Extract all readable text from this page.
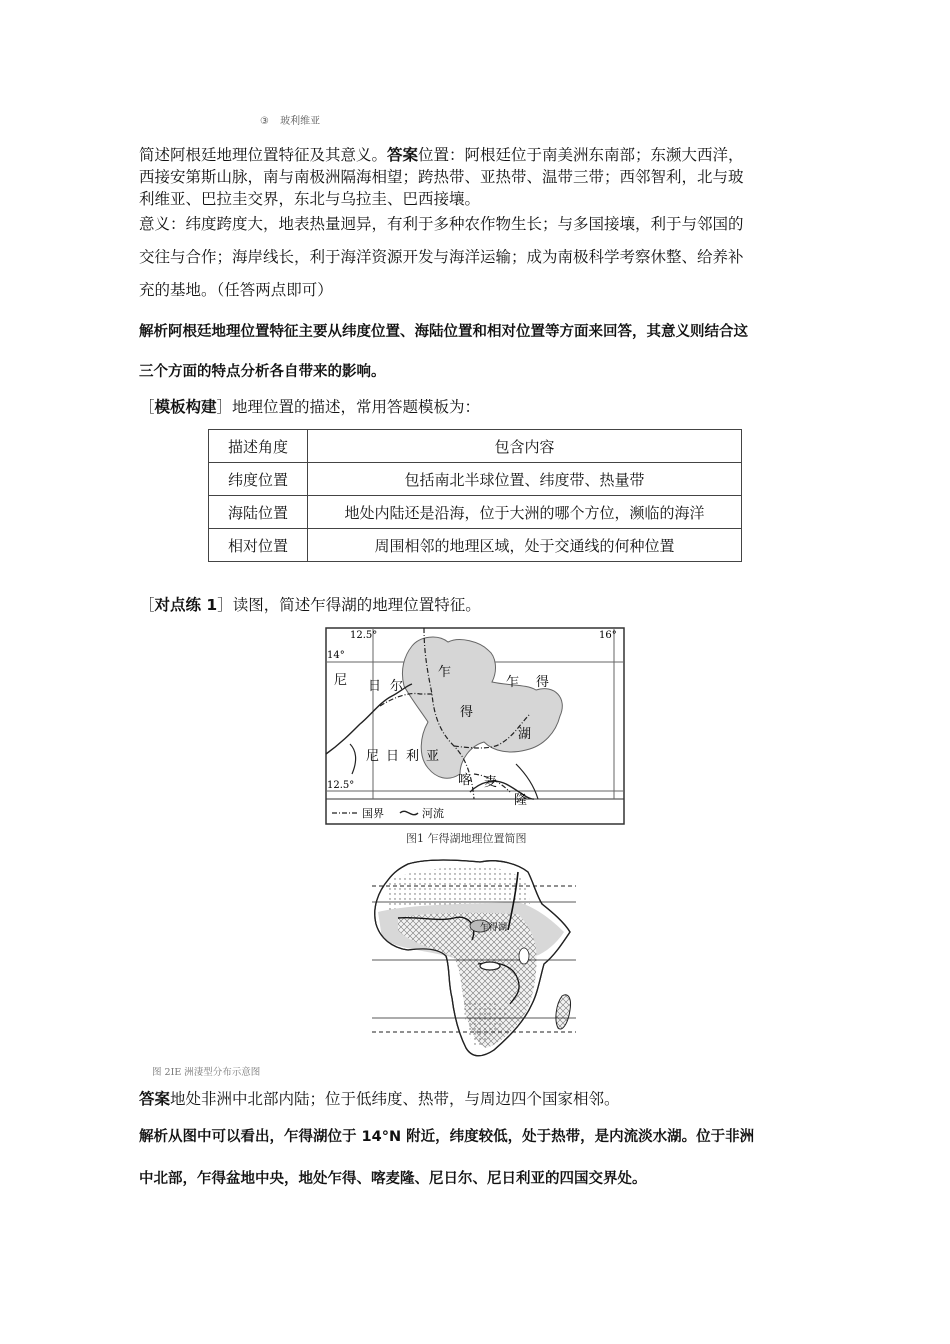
③ 玻利维亚
简述阿根廷地理位置特征及其意义。答案位置：阿根廷位于南美洲东南部；东濒大西洋，
西接安第斯山脉，南与南极洲隔海相望；跨热带、亚热带、温带三带；西邻智利，北与玻
利维亚、巴拉圭交界，东北与乌拉圭、巴西接壤。
意义：纬度跨度大，地表热量迥异，有利于多种农作物生长；与多国接壤，利于与邻国的
交往与合作；海岸线长，利于海洋资源开发与海洋运输；成为南极科学考察休整、给养补
充的基地。（任答两点即可）
解析阿根廷地理位置特征主要从纬度位置、海陆位置和相对位置等方面来回答，其意义则结合这
三个方面的特点分析各自带来的影响。
［模板构建］地理位置的描述，常用答题模板为：
描述角度	包含内容
纬度位置	包括南北半球位置、纬度带、热量带
海陆位置	地处内陆还是沿海，位于大洲的哪个方位，濒临的海洋
相对位置	周围相邻的地理区域，处于交通线的何种位置
［对点练 1］读图，简述乍得湖的地理位置特征。
12.5°	16°
14°
12.5°
尼 日 尔
乍
得
湖
乍 得
尼 日 利 亚
喀 麦
隆
国界	河流
图1 乍得湖地理位置简图
乍得湖
图 2IE 洲淒型分布示意图
答案地处非洲中北部内陆；位于低纬度、热带，与周边四个国家相邻。
解析从图中可以看出，乍得湖位于 14°N 附近，纬度较低，处于热带，是内流淡水湖。位于非洲
中北部，乍得盆地中央，地处乍得、喀麦隆、尼日尔、尼日利亚的四国交界处。
